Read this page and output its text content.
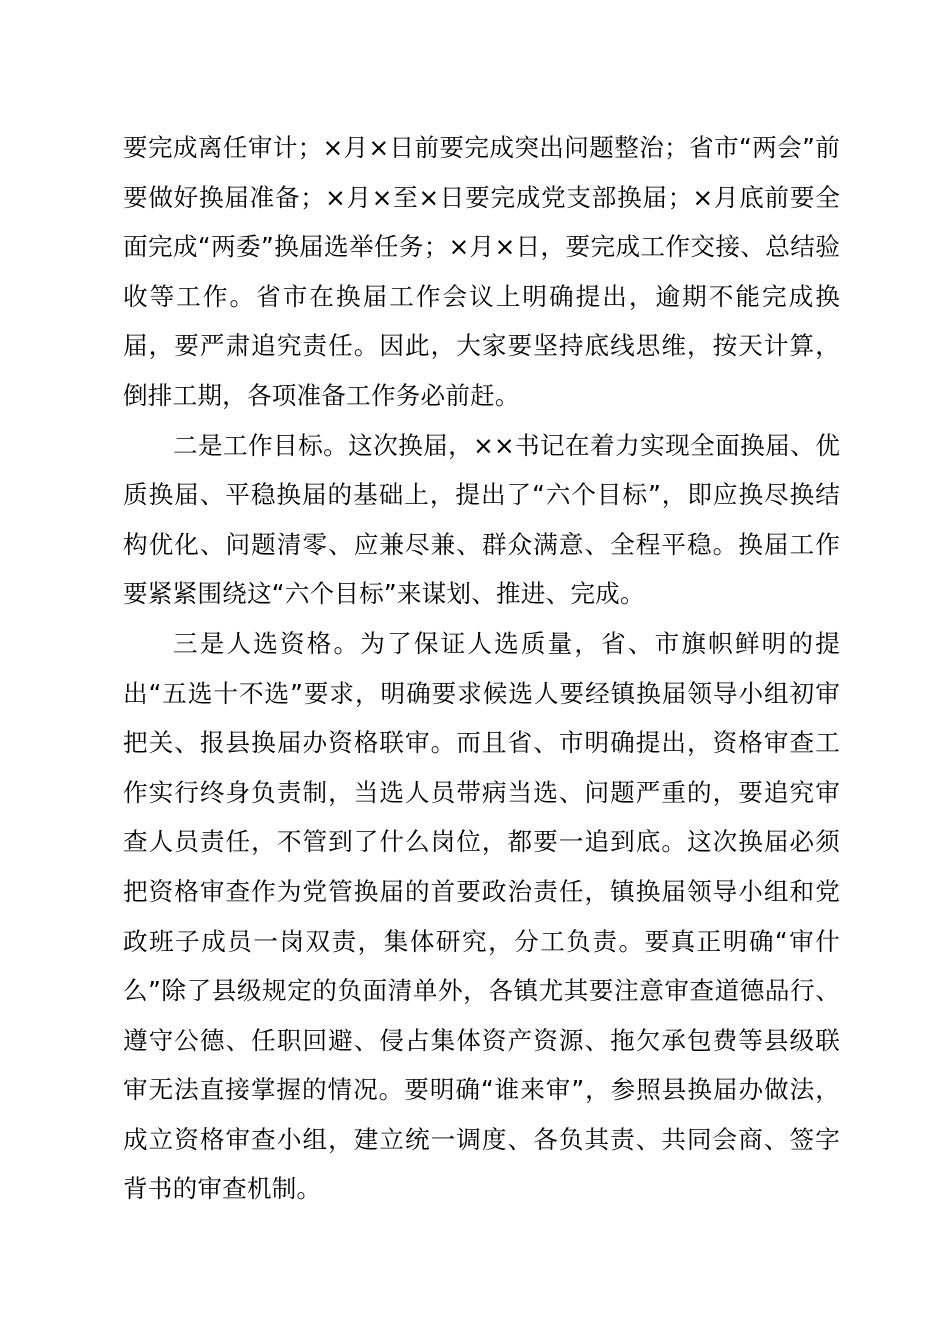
要完成离任审计；×月×日前要完成突出问题整治；省市“两会”前要做好换届准备；×月×至×日要完成党支部换届；×月底前要全面完成“两委”换届选举任务；×月×日，要完成工作交接、总结验收等工作。省市在换届工作会议上明确提出，逾期不能完成换届，要严肃追究责任。因此，大家要坚持底线思维，按天计算，倒排工期，各项准备工作务必前赶。

二是工作目标。这次换届，××书记在着力实现全面换届、优质换届、平稳换届的基础上，提出了“六个目标”，即应换尽换结构优化、问题清零、应兼尽兼、群众满意、全程平稳。换届工作要紧紧围绕这“六个目标”来谋划、推进、完成。

三是人选资格。为了保证人选质量，省、市旗帜鲜明的提出“五选十不选”要求，明确要求候选人要经镇换届领导小组初审把关、报县换届办资格联审。而且省、市明确提出，资格审查工作实行终身负责制，当选人员带病当选、问题严重的，要追究审查人员责任，不管到了什么岗位，都要一追到底。这次换届必须把资格审查作为党管换届的首要政治责任，镇换届领导小组和党政班子成员一岗双责，集体研究，分工负责。要真正明确“审什么”除了县级规定的负面清单外，各镇尤其要注意审查道德品行、遵守公德、任职回避、侵占集体资产资源、拖欠承包费等县级联审无法直接掌握的情况。要明确“谁来审”，参照县换届办做法，成立资格审查小组，建立统一调度、各负其责、共同会商、签字背书的审查机制。
